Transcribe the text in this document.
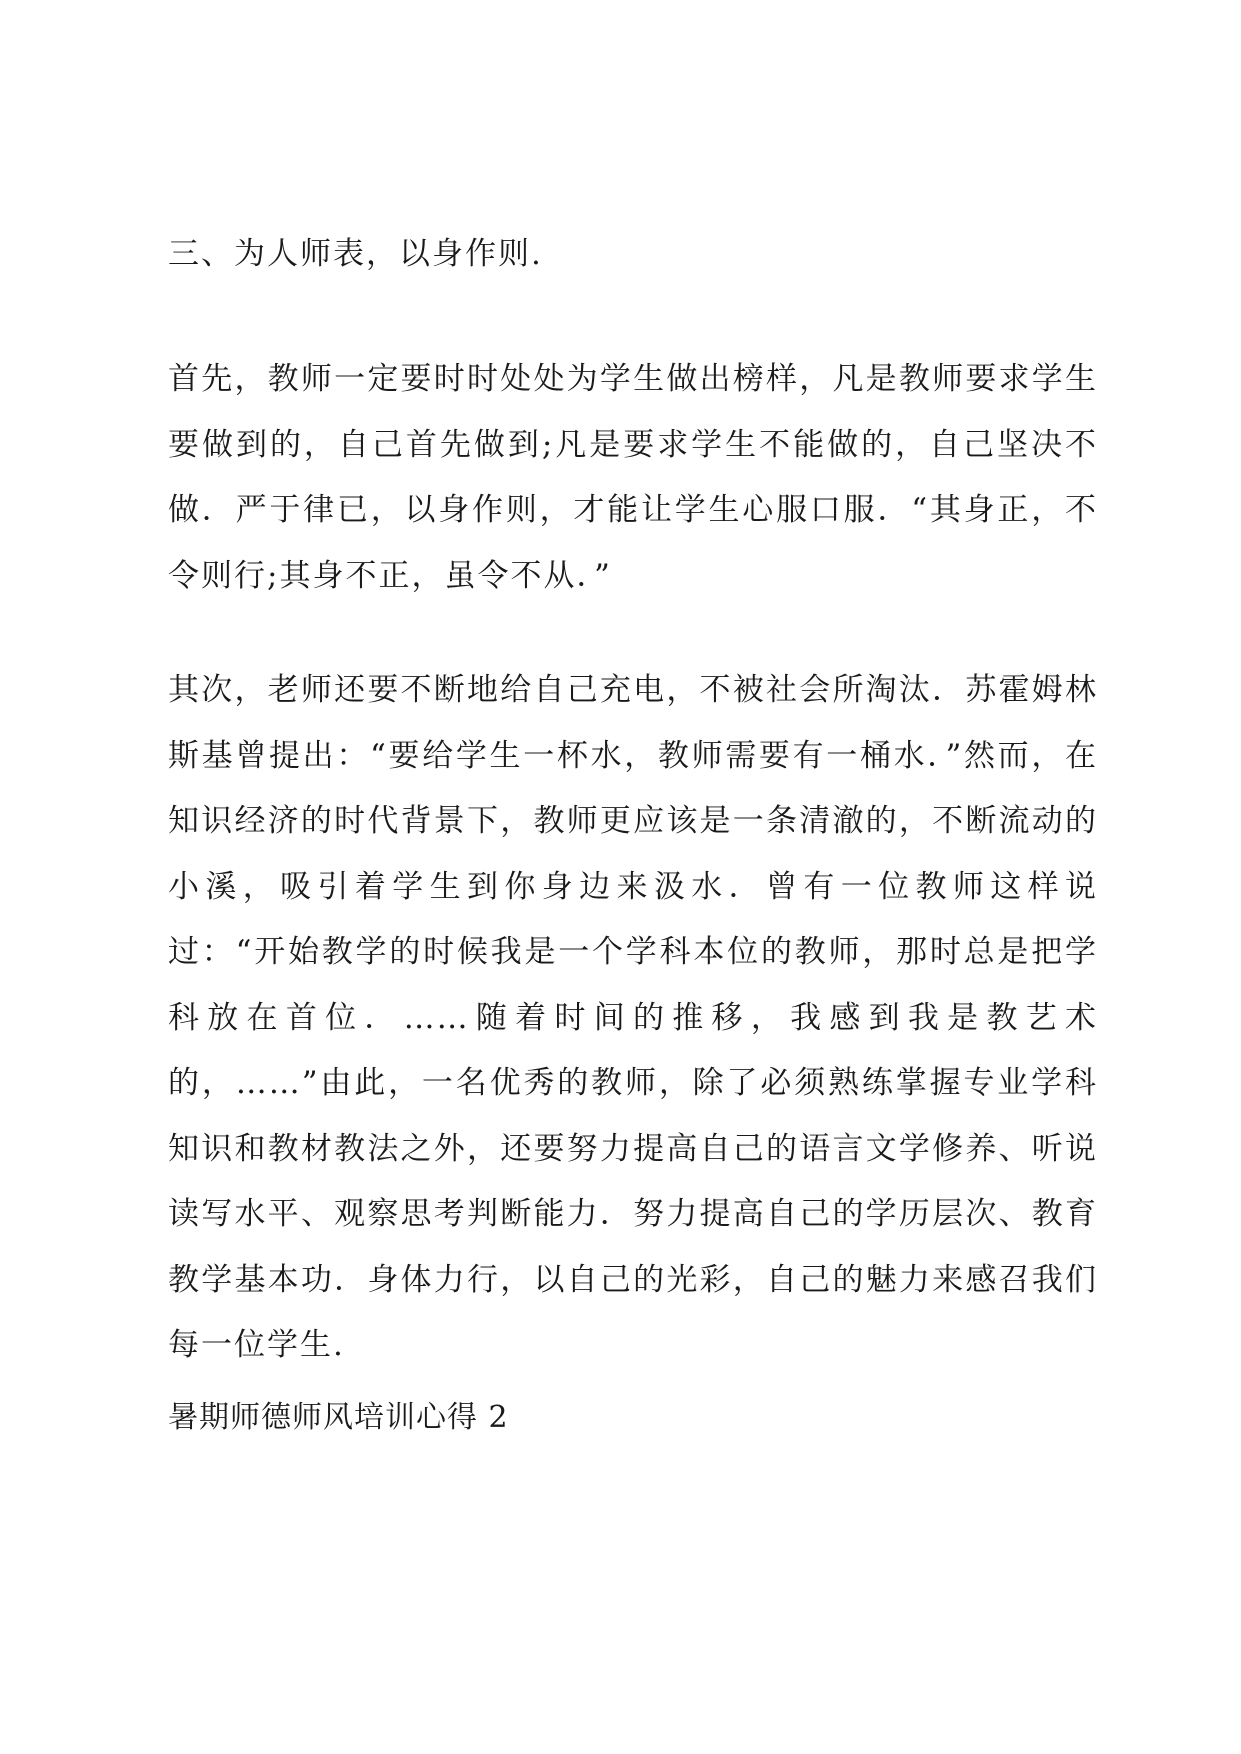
三、为人师表，以身作则.

首先，教师一定要时时处处为学生做出榜样，凡是教师要求学生要做到的，自己首先做到;凡是要求学生不能做的，自己坚决不做．严于律已，以身作则，才能让学生心服口服．“其身正，不令则行;其身不正，虽令不从．”

其次，老师还要不断地给自己充电，不被社会所淘汰．苏霍姆林斯基曾提出：“要给学生一杯水，教师需要有一桶水．”然而，在知识经济的时代背景下，教师更应该是一条清澈的，不断流动的小溪，吸引着学生到你身边来汲水．曾有一位教师这样说过：“开始教学的时候我是一个学科本位的教师，那时总是把学科放在首位．……随着时间的推移，我感到我是教艺术的，……”由此，一名优秀的教师，除了必须熟练掌握专业学科知识和教材教法之外，还要努力提高自己的语言文学修养、听说读写水平、观察思考判断能力．努力提高自己的学历层次、教育教学基本功．身体力行，以自己的光彩，自己的魅力来感召我们每一位学生.

暑期师德师风培训心得 2
